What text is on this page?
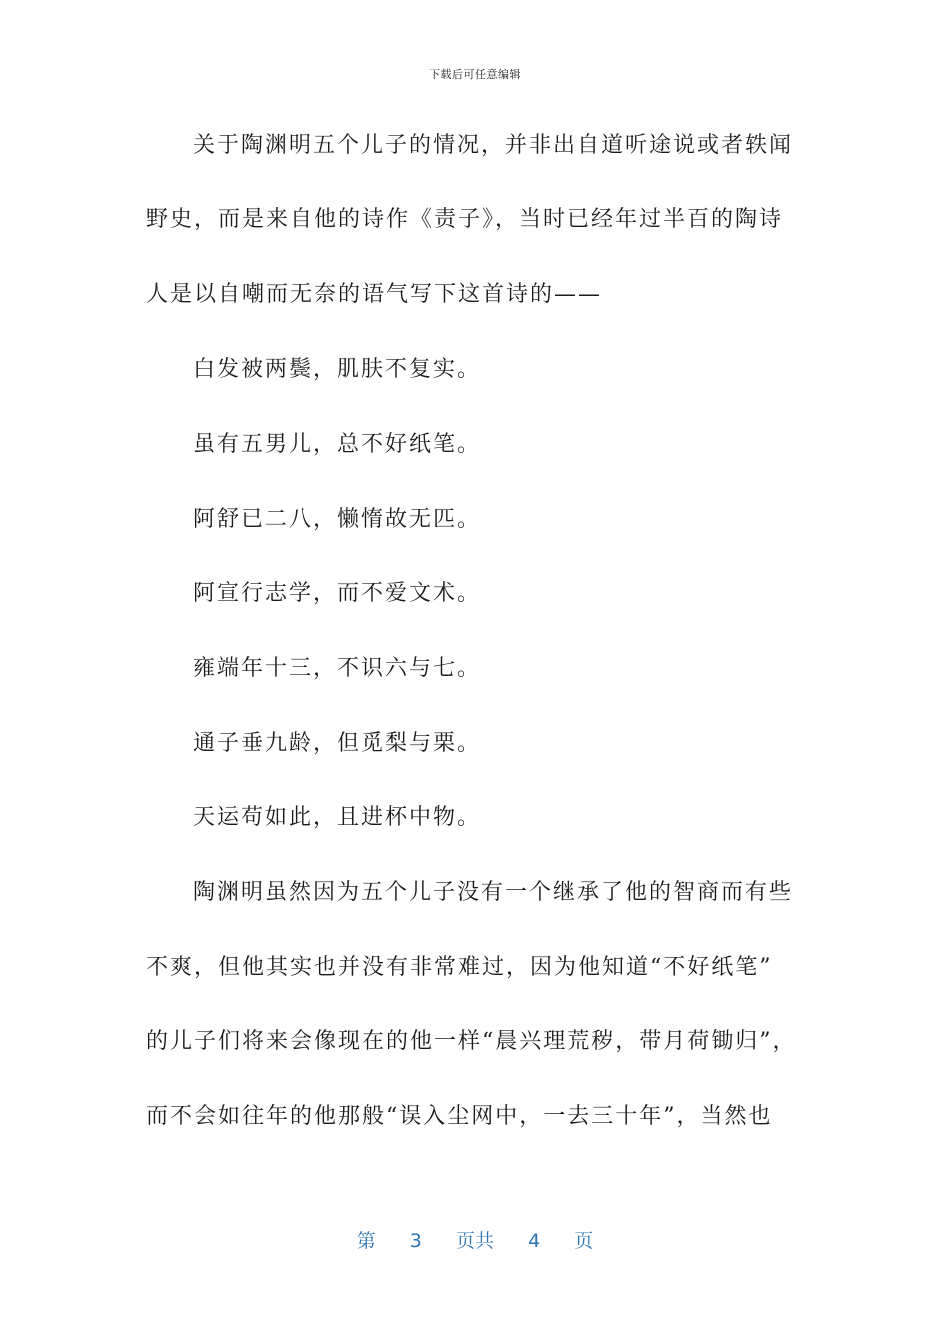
下载后可任意编辑
关于陶渊明五个儿子的情况，并非出自道听途说或者轶闻
野史，而是来自他的诗作《责子》，当时已经年过半百的陶诗
人是以自嘲而无奈的语气写下这首诗的——
白发被两鬓，肌肤不复实。
虽有五男儿，总不好纸笔。
阿舒已二八，懒惰故无匹。
阿宣行志学，而不爱文术。
雍端年十三，不识六与七。
通子垂九龄，但觅梨与栗。
天运苟如此，且进杯中物。
陶渊明虽然因为五个儿子没有一个继承了他的智商而有些
不爽，但他其实也并没有非常难过，因为他知道“不好纸笔”
的儿子们将来会像现在的他一样“晨兴理荒秽，带月荷锄归”，
而不会如往年的他那般“误入尘网中，一去三十年”，当然也
第 3 页共 4 页
